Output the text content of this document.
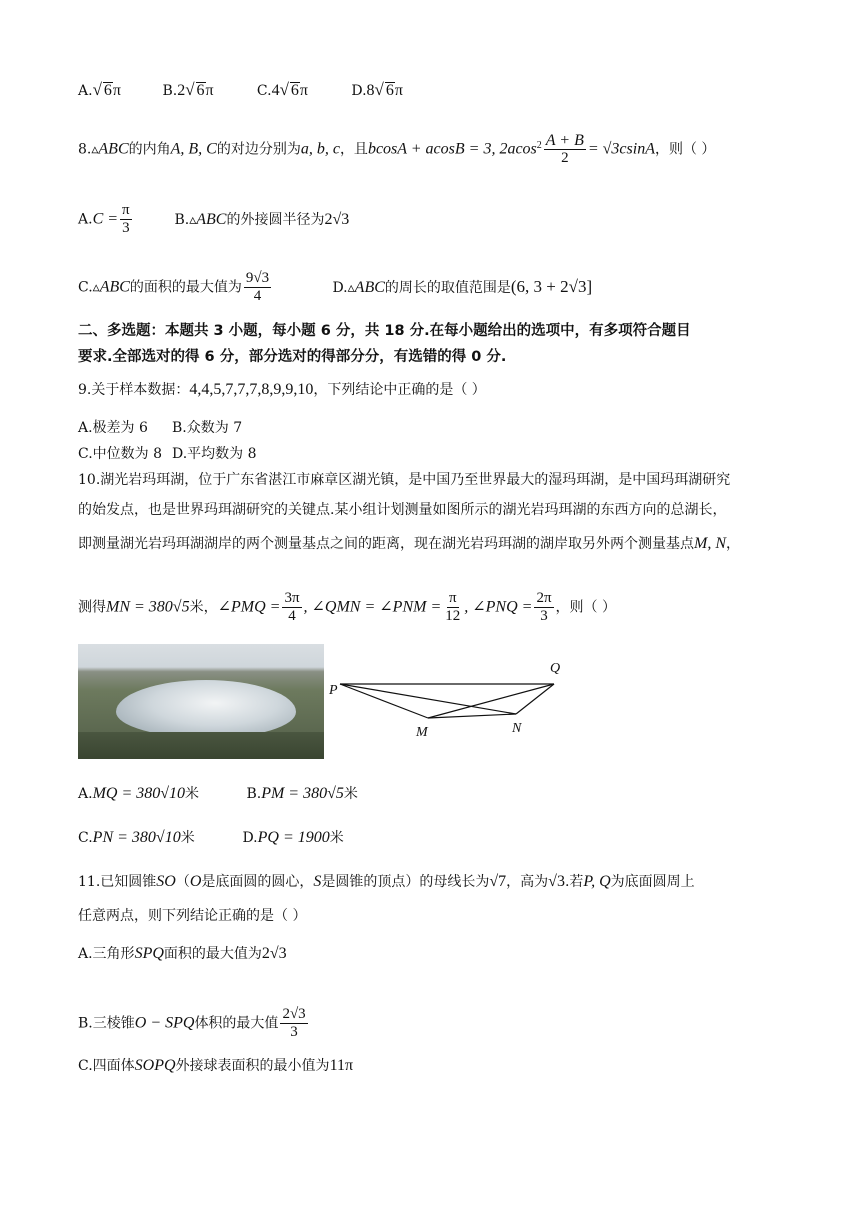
A.√ 6π	B.2√ 6π	C.4√ 6π	D.8√ 6π
8.▵ABC的内角A, B, C的对边分别为a, b, c，且bcosA + acosB = 3, $2acos^2 \frac{A + B}{2} = √3csinA$，则（ ）
$A.C = \frac{\pi}{3}$	B.▵ABC的外接圆半径为2√3
C.▵ABC的面积的最大值为 $\frac{9√3}{4}$	D.▵ABC的周长的取值范围是(6, 3 + 2√3]
二、多选题：本题共 3 小题，每小题 6 分，共 18 分.在每小题给出的选项中，有多项符合题目
要求.全部选对的得 6 分，部分选对的得部分分，有选错的得 0 分.
9.关于样本数据：4,4,5,7,7,7,8,9,9,10，下列结论中正确的是（ ）
A.极差为 6 B.众数为 7
C.中位数为 8 D.平均数为 8
10.湖光岩玛珥湖，位于广东省湛江市麻章区湖光镇，是中国乃至世界最大的湿玛珥湖，是中国玛珥湖研究
的始发点，也是世界玛珥湖研究的关键点.某小组计划测量如图所示的湖光岩玛珥湖的东西方向的总湖长，
即测量湖光岩玛珥湖湖岸的两个测量基点之间的距离，现在湖光岩玛珥湖的湖岸取另外两个测量基点M, N，
测得MN = 380√5米，∠PMQ = $\frac{3\pi}{4}$ , ∠QMN = ∠PNM = $\frac{\pi}{12}$ , ∠PNQ = $\frac{2\pi}{3}$ ，则（ ）
P
Q
M	N
A.MQ = 380√10米	B.PM = 380√5米
C.PN = 380√10米	D.PQ = 1900米
11.已知圆锥SO（O是底面圆的圆心，S是圆锥的顶点）的母线长为√7，高为√3.若P, Q为底面圆周上
任意两点，则下列结论正确的是（ ）
A.三角形SPQ面积的最大值为2√3
B.三棱锥O − SPQ体积的最大值 $\frac{2√3}{3}$
C.四面体SOPQ外接球表面积的最小值为11π
